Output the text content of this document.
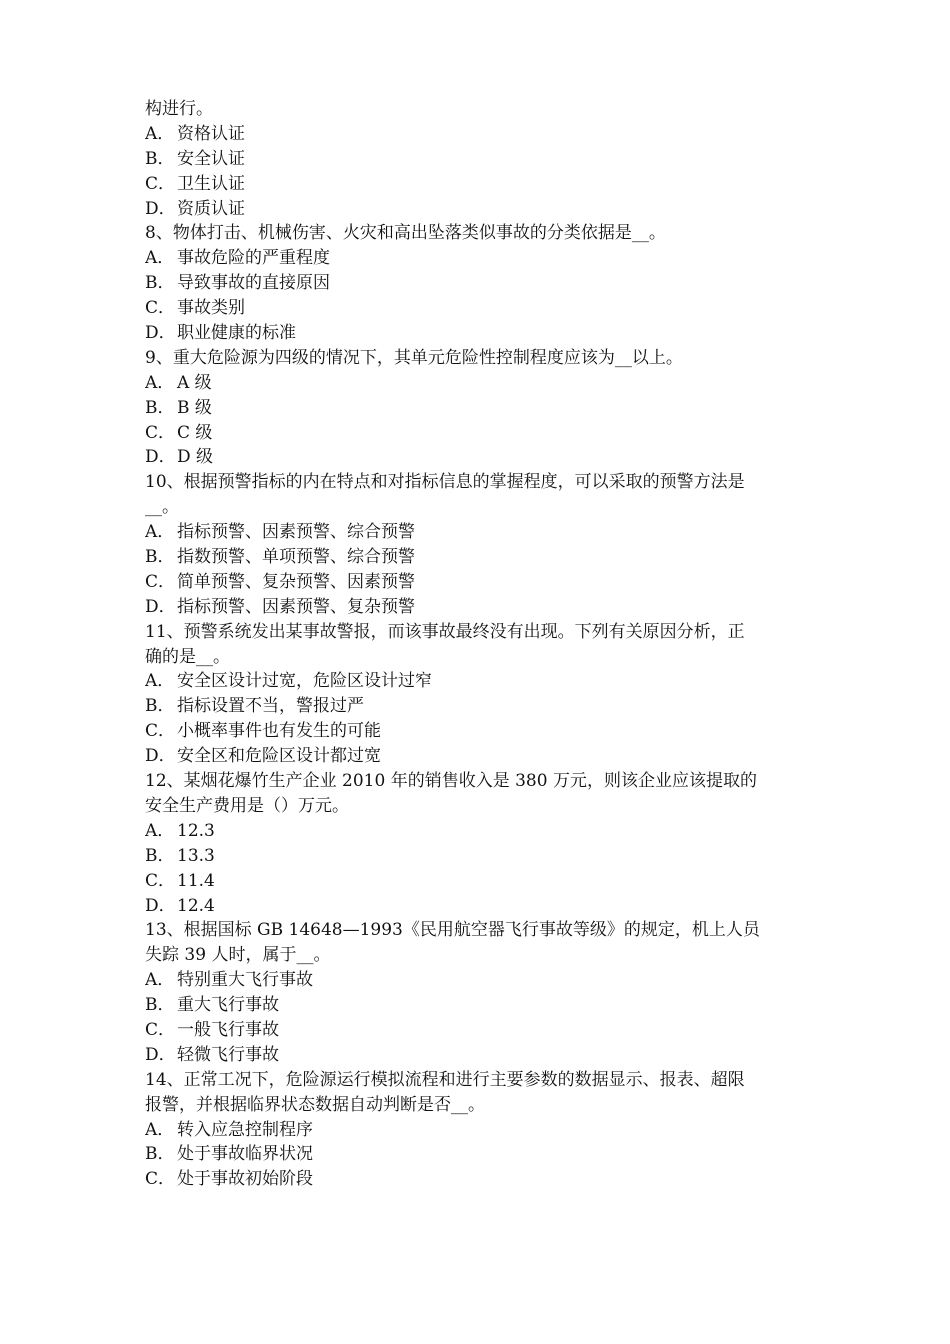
构进行。
A． 资格认证
B． 安全认证
C． 卫生认证
D．资质认证
8、物体打击、机械伤害、火灾和高出坠落类似事故的分类依据是__。
A． 事故危险的严重程度
B． 导致事故的直接原因
C． 事故类别
D．职业健康的标准
9、重大危险源为四级的情况下，其单元危险性控制程度应该为__以上。
A． A 级
B． B 级
C． C 级
D．D 级
10、根据预警指标的内在特点和对指标信息的掌握程度，可以采取的预警方法是
__。
A． 指标预警、因素预警、综合预警
B． 指数预警、单项预警、综合预警
C． 简单预警、复杂预警、因素预警
D．指标预警、因素预警、复杂预警
11、预警系统发出某事故警报，而该事故最终没有出现。下列有关原因分析，正
确的是__。
A． 安全区设计过宽，危险区设计过窄
B． 指标设置不当，警报过严
C． 小概率事件也有发生的可能
D．安全区和危险区设计都过宽
12、某烟花爆竹生产企业 2010 年的销售收入是 380 万元，则该企业应该提取的
安全生产费用是（）万元。
A． 12.3
B． 13.3
C． 11.4
D．12.4
13、根据国标 GB 14648—1993《民用航空器飞行事故等级》的规定，机上人员
失踪 39 人时，属于__。
A． 特别重大飞行事故
B． 重大飞行事故
C． 一般飞行事故
D．轻微飞行事故
14、正常工况下，危险源运行模拟流程和进行主要参数的数据显示、报表、超限
报警，并根据临界状态数据自动判断是否__。
A． 转入应急控制程序
B． 处于事故临界状况
C． 处于事故初始阶段
